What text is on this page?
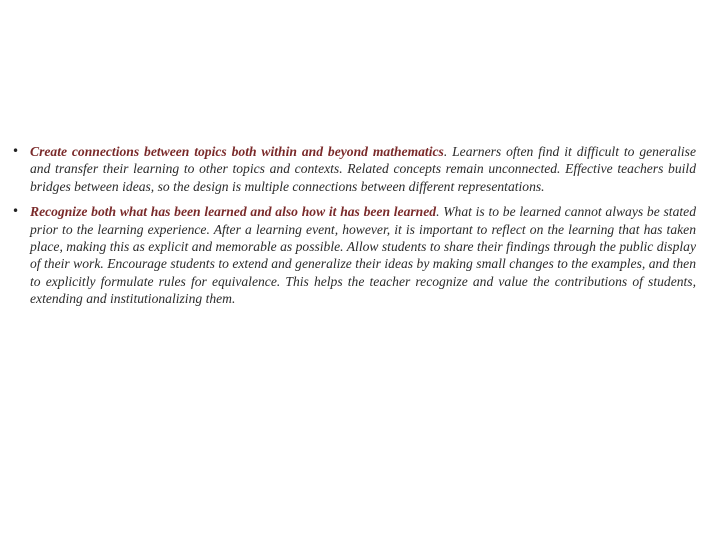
• Create connections between topics both within and beyond mathematics. Learners often find it difficult to generalise and transfer their learning to other topics and contexts. Related concepts remain unconnected. Effective teachers build bridges between ideas, so the design is multiple connections between different representations.
• Recognize both what has been learned and also how it has been learned. What is to be learned cannot always be stated prior to the learning experience. After a learning event, however, it is important to reflect on the learning that has taken place, making this as explicit and memorable as possible. Allow students to share their findings through the public display of their work. Encourage students to extend and generalize their ideas by making small changes to the examples, and then to explicitly formulate rules for equivalence. This helps the teacher recognize and value the contributions of students, extending and institutionalizing them.
